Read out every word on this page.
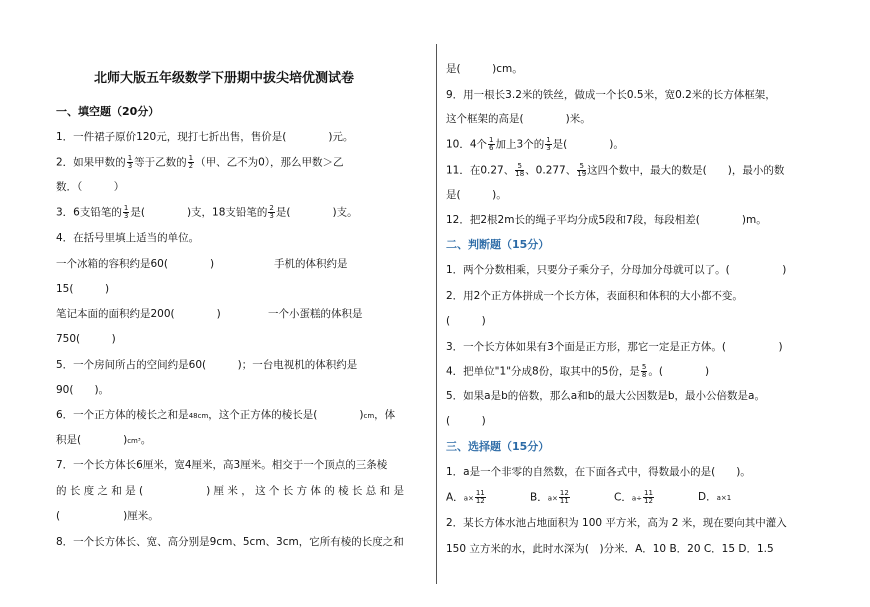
北师大版五年级数学下册期中拔尖培优测试卷
一、填空题（20分）
1．一件裙子原价120元，现打七折出售，售价是(　　　　)元。
2．如果甲数的 $\frac{1}{3}$ 等于乙数的 $\frac{1}{2}$ （甲、乙不为0），那么甲数＞乙
数．（　　　）
3．6支铅笔的 $\frac{1}{3}$ 是(　　　　)支，18支铅笔的 $\frac{2}{3}$ 是(　　　　)支。
4．在括号里填上适当的单位。
一个冰箱的容积约是60(　　　　)	手机的体积约是
15(　　　)
笔记本面的面积约是200(　　　　)	一个小蛋糕的体积是
750(　　　)
5．一个房间所占的空间约是60(　　　)；一台电视机的体积约是
90(　　)。
6．一个正方体的棱长之和是48cm，这个正方体的棱长是(　　　　)cm，体
积是(　　　　)cm³。
7．一个长方体长6厘米，宽4厘米，高3厘米。相交于一个顶点的三条棱
的 长 度 之 和 是 (　　　　　　) 厘 米 ， 这 个 长 方 体 的 棱 长 总 和 是
(　　　　　　)厘米。
8．一个长方体长、宽、高分别是9cm、5cm、3cm，它所有棱的长度之和
是(　　　)cm。
9．用一根长3.2米的铁丝，做成一个长0.5米，宽0.2米的长方体框架，
这个框架的高是(　　　　)米。
10．4个 $\frac{1}{6}$ 加上3个的 $\frac{1}{3}$ 是(　　　　)。
11．在0.27、 $\frac{5}{18}$ 、0.277、 $\frac{5}{19}$ 这四个数中，最大的数是(　　)，最小的数
是(　　　)。
12．把2根2m长的绳子平均分成5段和7段，每段相差(　　　　)m。
二、判断题（15分）
1．两个分数相乘，只要分子乘分子，分母加分母就可以了。(　　　　　)
2．用2个正方体拼成一个长方体，表面积和体积的大小都不变。
(　　　)
3．一个长方体如果有3个面是正方形，那它一定是正方体。(　　　　　)
4．把单位"1"分成8份，取其中的5份，是 $\frac{5}{8}$ 。(　　　　)
5．如果a是b的倍数，那么a和b的最大公因数是b，最小公倍数是a。
(　　　)
三、选择题（15分）
1．a是一个非零的自然数，在下面各式中，得数最小的是(　　)。
A．$a\times \frac{11}{12}$	B．$a\times \frac{12}{11}$	C．$a\div \frac{11}{12}$	D．a×1
2．某长方体水池占地面积为 100 平方米，高为 2 米，现在要向其中灌入
150 立方米的水，此时水深为(　)分米．A．10 B．20 C．15 D．1.5
